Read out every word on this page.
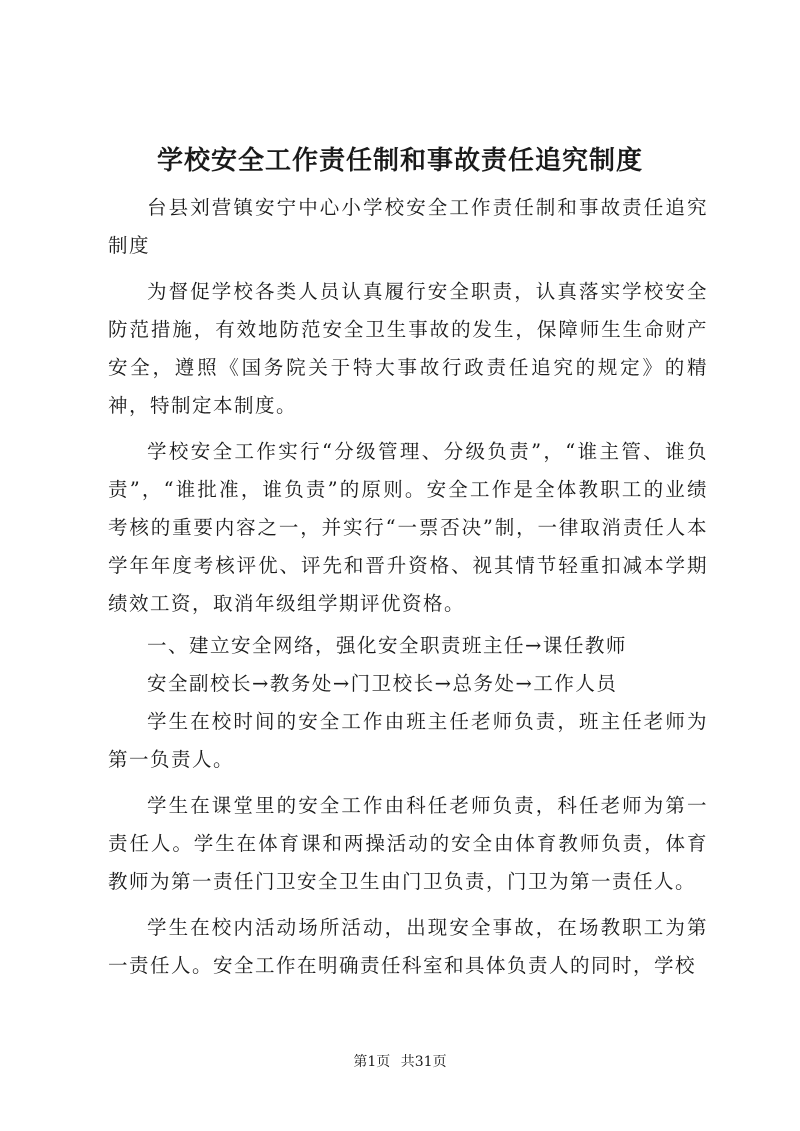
学校安全工作责任制和事故责任追究制度

台县刘营镇安宁中心小学校安全工作责任制和事故责任追究制度

为督促学校各类人员认真履行安全职责，认真落实学校安全防范措施，有效地防范安全卫生事故的发生，保障师生生命财产安全，遵照《国务院关于特大事故行政责任追究的规定》的精神，特制定本制度。

学校安全工作实行“分级管理、分级负责”，“谁主管、谁负责”，“谁批准，谁负责”的原则。安全工作是全体教职工的业绩考核的重要内容之一，并实行“一票否决”制，一律取消责任人本学年年度考核评优、评先和晋升资格、视其情节轻重扣减本学期绩效工资，取消年级组学期评优资格。

一、建立安全网络，强化安全职责班主任→课任教师

安全副校长→教务处→门卫校长→总务处→工作人员

学生在校时间的安全工作由班主任老师负责，班主任老师为第一负责人。

学生在课堂里的安全工作由科任老师负责，科任老师为第一责任人。学生在体育课和两操活动的安全由体育教师负责，体育教师为第一责任门卫安全卫生由门卫负责，门卫为第一责任人。

学生在校内活动场所活动，出现安全事故，在场教职工为第一责任人。安全工作在明确责任科室和具体负责人的同时，学校

第1页 共31页
